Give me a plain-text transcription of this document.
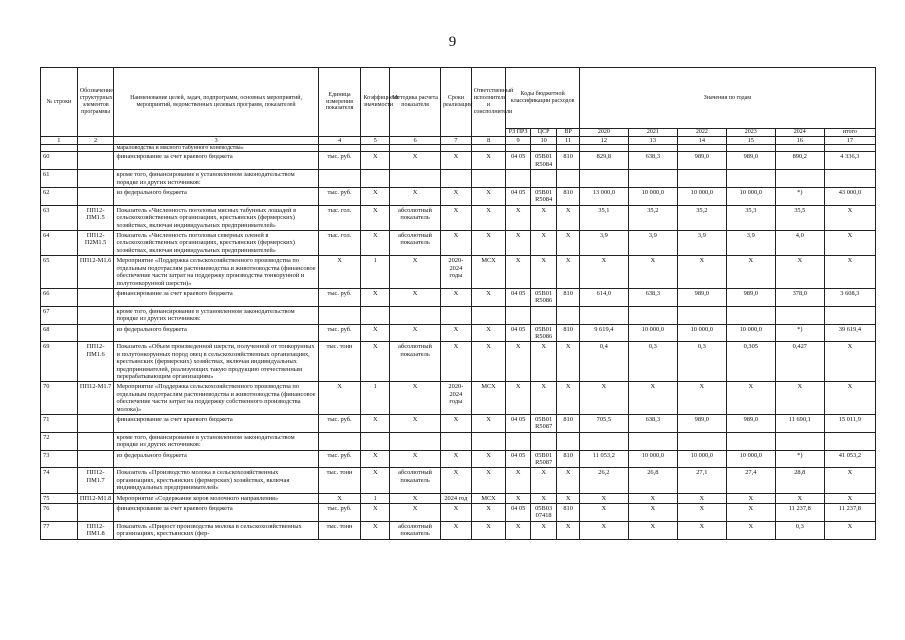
9
№ строки	Обозначение структурных элементов программы	Наименование целей, задач, подпрограмм, основных мероприятий, мероприятий, ведомственных целевых программ, показателей	Единица измерения показателя	Коэффициент значимости	Методика расчета показателя	Сроки реализации	Ответственный исполнитель и соисполнители	Коды бюджетной классификации расходов			Значения по годам					
								РЗ ПРЗ	ЦСР	ВР	2020	2021	2022	2023	2024	итого
1	2	3	4	5	6	7	8	9	10	11	12	13	14	15	16	17
		мараловодства и мясного табунного коневодства»														
60		финансирование за счет краевого бюджета	тыс. руб.	X	X	X	X	04 05	05В01 R5084	810	829,8	638,3	989,0	989,0	890,2	4 336,3
61		кроме того, финансирование в установленном законодательством порядке из других источников:														
62		из федерального бюджета	тыс. руб.	X	X	X	X	04 05	05В01 R5084	810	13 000,0	10 000,0	10 000,0	10 000,0	*)	43 000,0
63	ПП12-ПМ1.5	Показатель «Численность поголовья мясных табунных лошадей в сельскохозяйственных организациях, крестьянских (фермерских) хозяйствах, включая индивидуальных предпринимателей»	тыс. гол.	X	абсолютный показатель	X	X	X	X	X	35,1	35,2	35,2	35,3	35,5	X
64	ПП12-П2М1.5	Показатель «Численность поголовья северных оленей в сельскохозяйственных организациях, крестьянских (фермерских) хозяйствах, включая индивидуальных предпринимателей»	тыс. гол.	X	абсолютный показатель	X	X	X	X	X	3,9	3,9	3,9	3,9	4,0	X
65	ПП12-М1.6	Мероприятие «Поддержка сельскохозяйственного производства по отдельным подотраслям растениеводства и животноводства (финансовое обеспечение части затрат на поддержку производства тонкорунной и полутонкорунной шерсти)»	X	1	X	2020-2024 годы	МСХ	X	X	X	X	X	X	X	X	X
66		финансирование за счет краевого бюджета	тыс. руб.	X	X	X	X	04 05	05В01 R5086	810	614,0	638,3	989,0	989,0	378,0	3 608,3
67		кроме того, финансирование в установленном законодательством порядке из других источников:														
68		из федерального бюджета	тыс. руб.	X	X	X	X	04 05	05В01 R5086	810	9 619,4	10 000,0	10 000,0	10 000,0	*)	39 619,4
69	ПП12-ПМ1.6	Показатель «Объем произведенной шерсти, полученной от тонкорунных и полутонкорунных пород овец в сельскохозяйственных организациях, крестьянских (фермерских) хозяйствах, включая индивидуальных предпринимателей, реализующих такую продукцию отечественным перерабатывающим организациям»	тыс. тонн	X	абсолютный показатель	X	X	X	X	X	0,4	0,3	0,3	0,305	0,427	X
70	ПП12-М1.7	Мероприятие «Поддержка сельскохозяйственного производства по отдельным подотраслям растениеводства и животноводства (финансовое обеспечение части затрат на поддержку собственного производства молока)»	X	1	X	2020-2024 годы	МСХ	X	X	X	X	X	X	X	X	X
71		финансирование за счет краевого бюджета	тыс. руб.	X	X	X	X	04 05	05В01 R5087	810	705,5	638,3	989,0	989,0	11 690,1	15 011,9
72		кроме того, финансирование в установленном законодательством порядке из других источников:														
73		из федерального бюджета	тыс. руб.	X	X	X	X	04 05	05В01 R5087	810	11 053,2	10 000,0	10 000,0	10 000,0	*)	41 053,2
74	ПП12-ПМ1.7	Показатель «Производство молока в сельскохозяйственных организациях, крестьянских (фермерских) хозяйствах, включая индивидуальных предпринимателей»	тыс. тонн	X	абсолютный показатель	X	X	X	X	X	26,2	26,8	27,1	27,4	28,8	X
75	ПП12-М1.8	Мероприятие «Содержание коров молочного направления»	X	1	X	2024 год	МСХ	X	X	X	X	X	X	X	X	X
76		финансирование за счет краевого бюджета	тыс. руб.	X	X	X	X	04 05	05В03 07418	810	X	X	X	X	11 237,8	11 237,8
77	ПП12-ПМ1.8	Показатель «Прирост производства молока в сельскохозяйственных организациях, крестьянских (фер-	тыс. тонн	X	абсолютный показатель	X	X	X	X	X	X	X	X	X	0,3	X
